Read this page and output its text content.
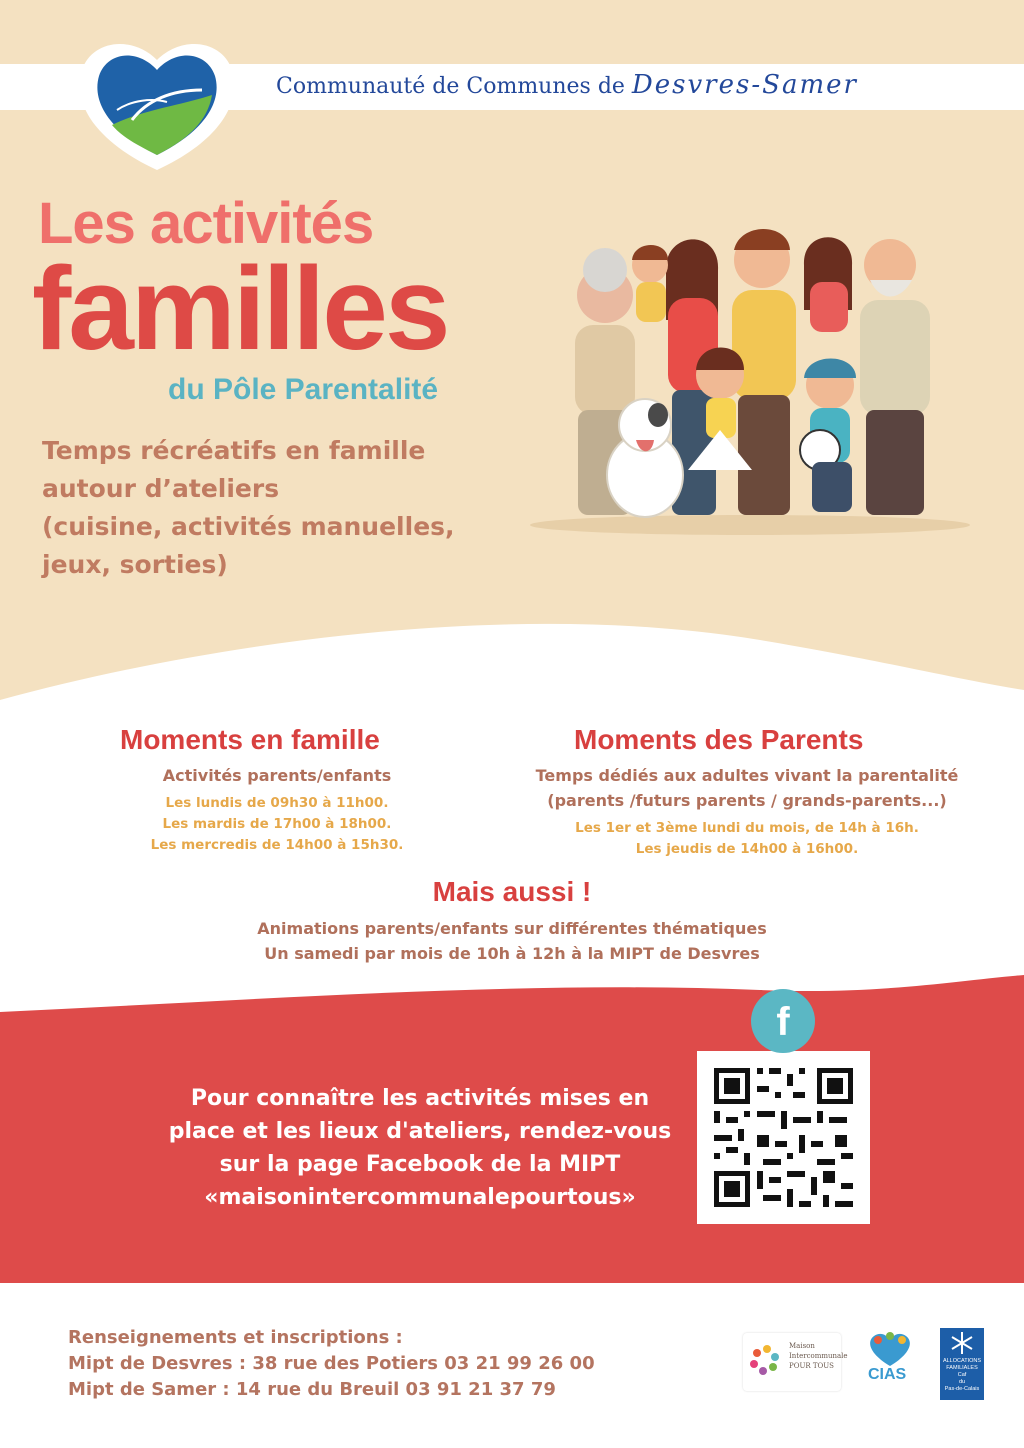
Communauté de Communes de Desvres-Samer
Les activités
familles
du Pôle Parentalité
Temps récréatifs en famille
autour d’ateliers
(cuisine, activités manuelles,
jeux, sorties)
Moments en famille
Activités parents/enfants
Les lundis de 09h30 à 11h00.
Les mardis de 17h00 à 18h00.
Les mercredis de 14h00 à 15h30.
Moments des Parents
Temps dédiés aux adultes vivant la parentalité
(parents /futurs parents / grands-parents...)
Les 1er et 3ème lundi du mois, de 14h à 16h.
Les jeudis de 14h00 à 16h00.
Mais aussi !
Animations parents/enfants sur différentes thématiques
Un samedi par mois de 10h à 12h à la MIPT de Desvres
Pour connaître les activités mises en
place et les lieux d'ateliers, rendez-vous
sur la page Facebook de la MIPT
«maisonintercommunalepourtous»
f
Renseignements et inscriptions :
Mipt de Desvres : 38 rue des Potiers 03 21 99 26 00
Mipt de Samer : 14 rue du Breuil 03 91 21 37 79
Maison
Intercommunale
POUR TOUS	CIAS
ALLOCATIONS
FAMILIALES
Caf
du
Pas-de-Calais
